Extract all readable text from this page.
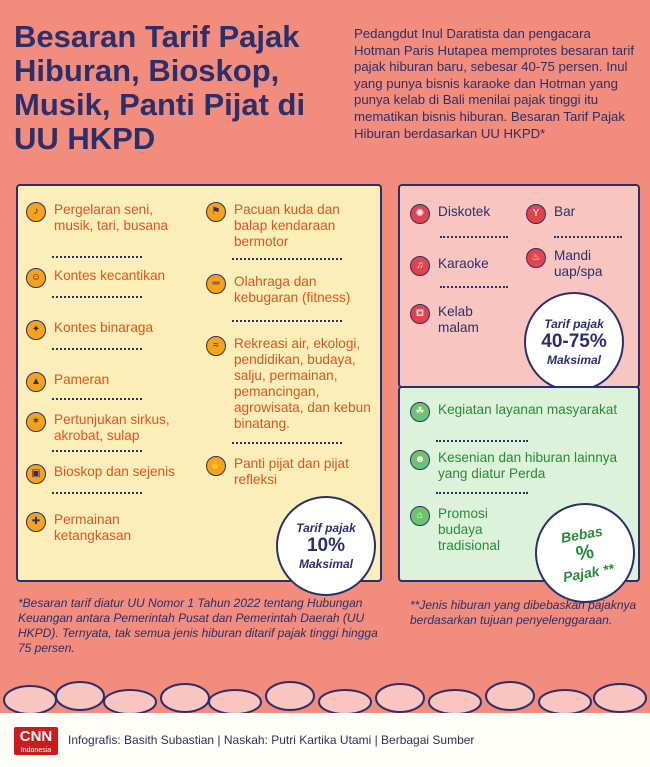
Besaran Tarif Pajak Hiburan, Bioskop, Musik, Panti Pijat di UU HKPD
Pedangdut Inul Daratista dan pengacara Hotman Paris Hutapea memprotes besaran tarif pajak hiburan baru, sebesar 40-75 persen. Inul yang punya bisnis karaoke dan Hotman yang punya kelab di Bali menilai pajak tinggi itu mematikan bisnis hiburan. Besaran Tarif Pajak Hiburan berdasarkan UU HKPD*
♪	Pergelaran seni, musik, tari, busana
☺ Kontes kecantikan
✦	Kontes binaraga
▲ Pameran
✶	Pertunjukan sirkus, akrobat, sulap
▣ Bioskop dan sejenis
✚	Permainan ketangkasan
⚑ Pacuan kuda dan balap kendaraan bermotor
═	Olahraga dan kebugaran (fitness)
≈	Rekreasi air, ekologi, pendidikan, budaya, salju, permainan, pemancingan, agrowisata, dan kebun binatang.
✋ Panti pijat dan pijat refleksi
Tarif pajak
10%
Maksimal
✺	Diskotek	Y	Bar
♫	Karaoke	♨ Mandi uap/spa
⛾	Kelab malam	Tarif pajak
40-75%
Maksimal
☘ Kegiatan layanan masyarakat
☻ Kesenian dan hiburan lainnya yang diatur Perda
⌂	Promosi budaya tradisional
Bebas
%
Pajak **
*Besaran tarif diatur UU Nomor 1 Tahun 2022 tentang Hubungan Keuangan antara Pemerintah Pusat dan Pemerintah Daerah (UU HKPD). Ternyata, tak semua jenis hiburan ditarif pajak tinggi hingga 75 persen.
**Jenis hiburan yang dibebaskan pajaknya berdasarkan tujuan penyelenggaraan.
CNN
Indonesia
Infografis: Basith Subastian | Naskah: Putri Kartika Utami | Berbagai Sumber
